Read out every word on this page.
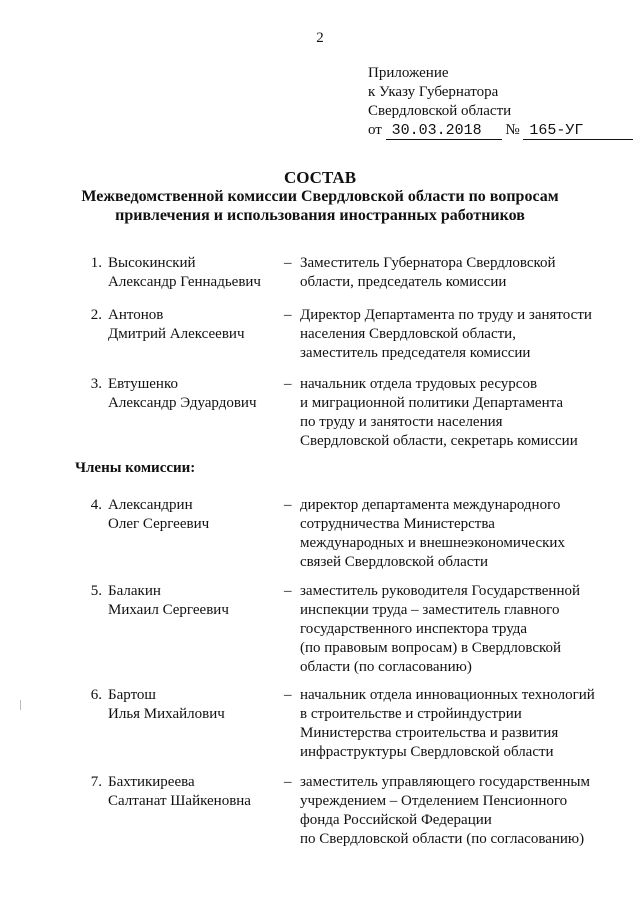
2
Приложение
к Указу Губернатора
Свердловской области
от 30.03.2018 № 165-УГ
СОСТАВ
Межведомственной комиссии Свердловской области по вопросам
привлечения и использования иностранных работников
Члены комиссии:
1. Высокинский
Александр Геннадьевич
– Заместитель Губернатора Свердловской
области, председатель комиссии
2. Антонов
Дмитрий Алексеевич
– Директор Департамента по труду и занятости
населения Свердловской области,
заместитель председателя комиссии
3. Евтушенко
Александр Эдуардович
– начальник отдела трудовых ресурсов
и миграционной политики Департамента
по труду и занятости населения
Свердловской области, секретарь комиссии
4. Александрин
Олег Сергеевич
– директор департамента международного
сотрудничества Министерства
международных и внешнеэкономических
связей Свердловской области
5. Балакин
Михаил Сергеевич
– заместитель руководителя Государственной
инспекции труда – заместитель главного
государственного инспектора труда
(по правовым вопросам) в Свердловской
области (по согласованию)
6. Бартош
Илья Михайлович
– начальник отдела инновационных технологий
в строительстве и стройиндустрии
Министерства строительства и развития
инфраструктуры Свердловской области
7. Бахтикиреева
Салтанат Шайкеновна
– заместитель управляющего государственным
учреждением – Отделением Пенсионного
фонда Российской Федерации
по Свердловской области (по согласованию)
